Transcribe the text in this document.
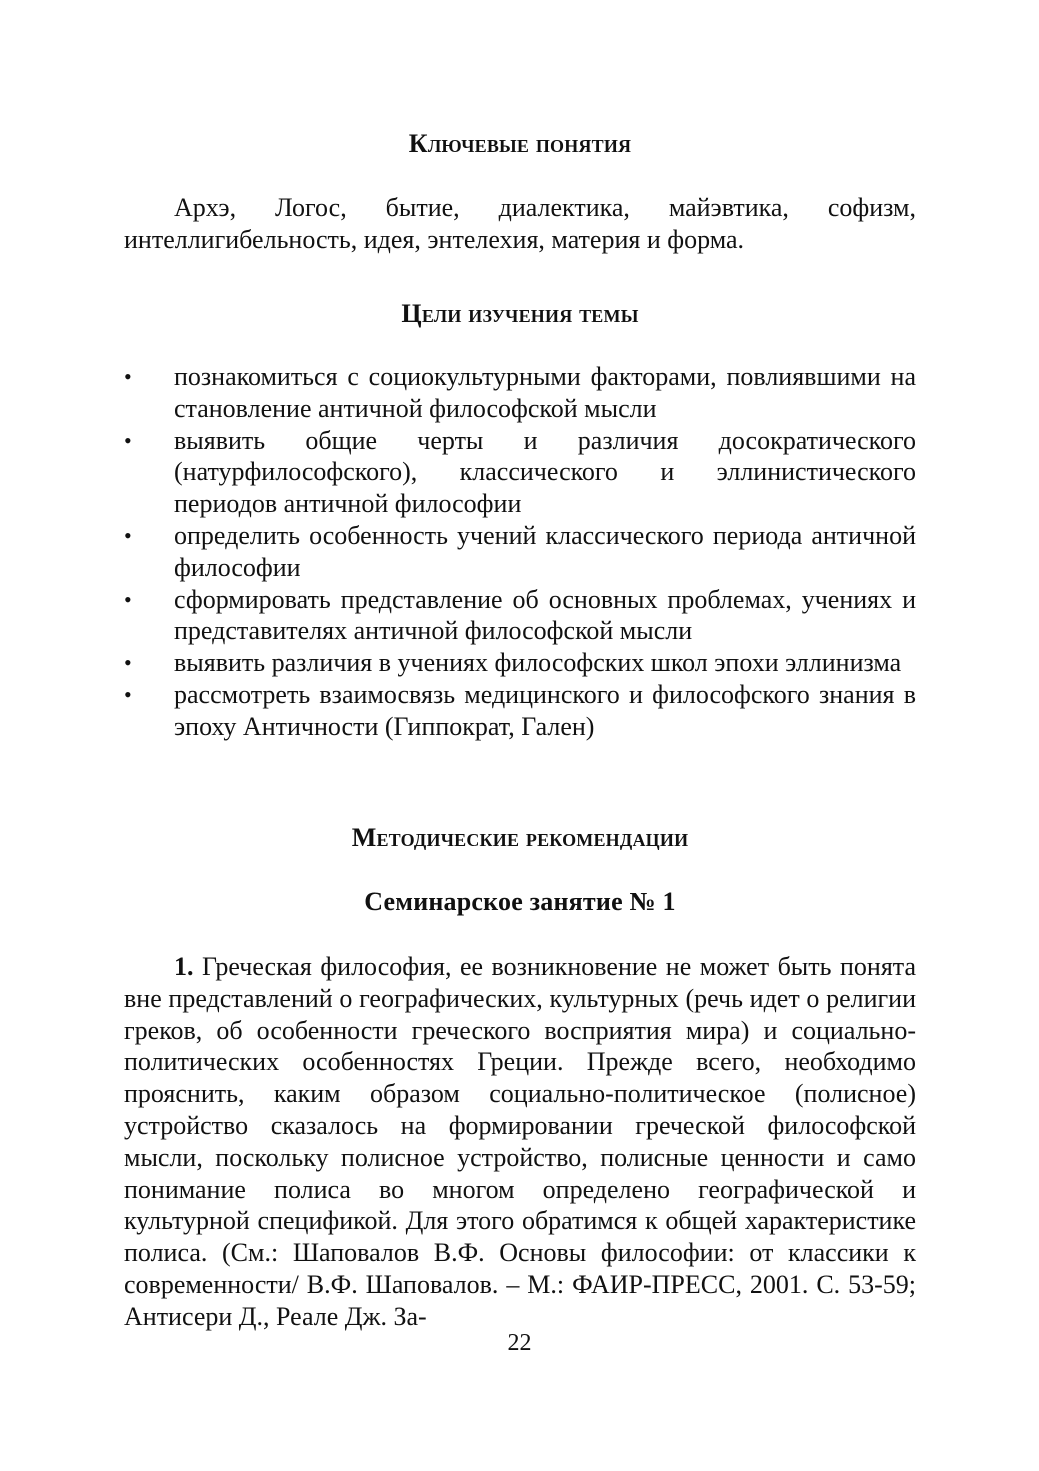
Ключевые понятия
Архэ, Логос, бытие, диалектика, майэвтика, софизм, интеллигибельность, идея, энтелехия, материя и форма.
Цели изучения темы
•	познакомиться с социокультурными факторами, повлиявшими на становление античной философской мысли
•	выявить общие черты и различия досократического (натурфилософского), классического и эллинистического периодов античной философии
•	определить особенность учений классического периода античной философии
•	сформировать представление об основных проблемах, учениях и представителях античной философской мысли
•	выявить различия в учениях философских школ эпохи эллинизма
•	рассмотреть взаимосвязь медицинского и философского знания в эпоху Античности (Гиппократ, Гален)
Методические рекомендации
Семинарское занятие № 1
1. Греческая философия, ее возникновение не может быть понята вне представлений о географических, культурных (речь идет о религии греков, об особенности греческого восприятия мира) и социально-политических особенностях Греции. Прежде всего, необходимо прояснить, каким образом социально-политическое (полисное) устройство сказалось на формировании греческой философской мысли, поскольку полисное устройство, полисные ценности и само понимание полиса во многом определено географической и культурной спецификой. Для этого обратимся к общей характеристике полиса. (См.: Шаповалов В.Ф. Основы философии: от классики к современности/ В.Ф. Шаповалов. – М.: ФАИР-ПРЕСС, 2001. С. 53-59; Антисери Д., Реале Дж. За-
22
